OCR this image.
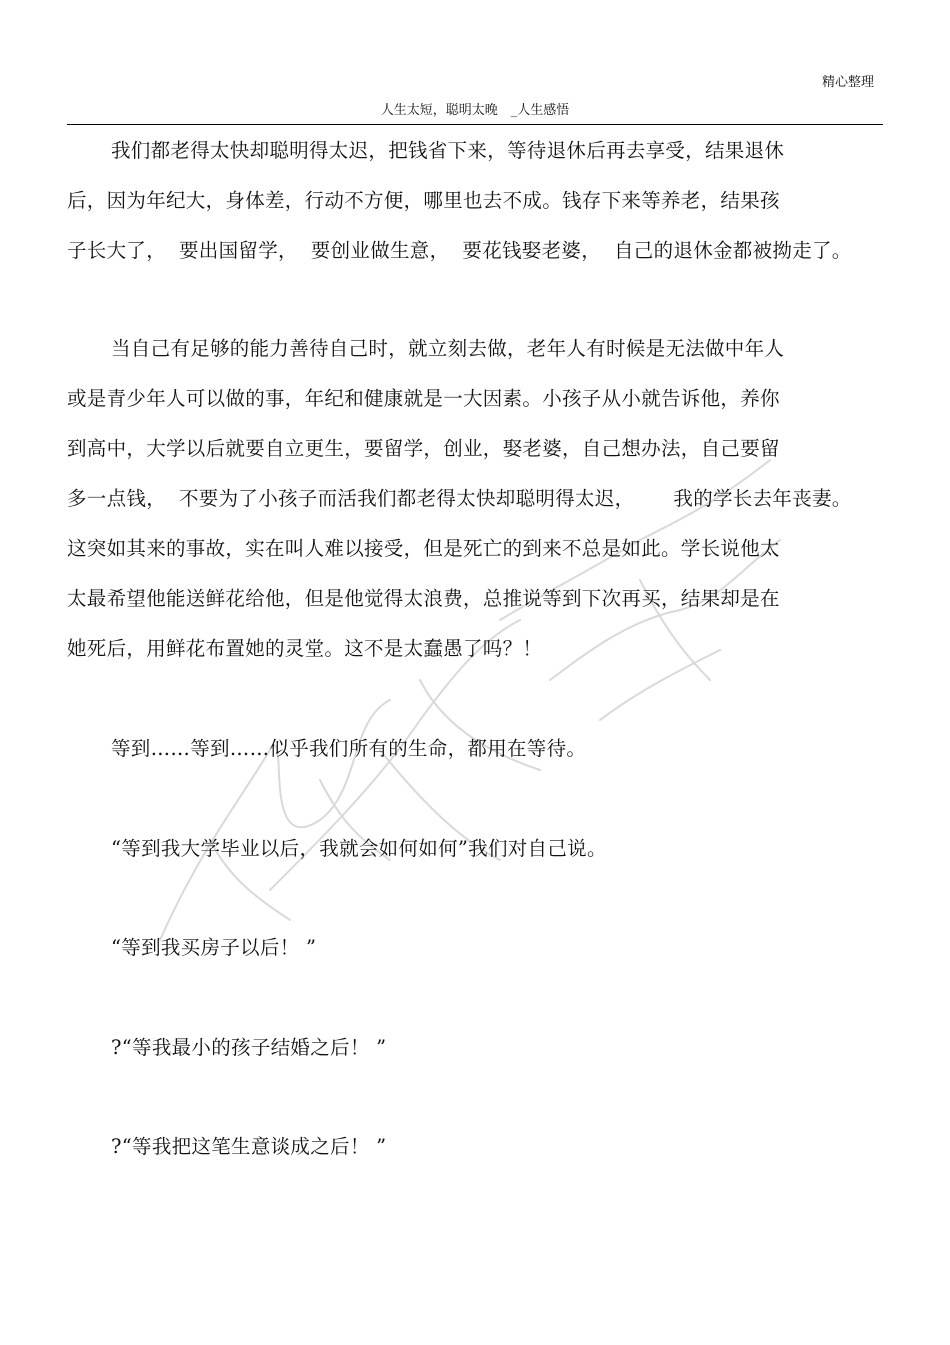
精心整理
人生太短，聪明太晚　_人生感悟
我们都老得太快却聪明得太迟，把钱省下来，等待退休后再去享受，结果退休
后，因为年纪大，身体差，行动不方便，哪里也去不成。钱存下来等养老，结果孩
子长大了，  要出国留学，  要创业做生意，  要花钱娶老婆，  自己的退休金都被拗走了。
当自己有足够的能力善待自己时，就立刻去做，老年人有时候是无法做中年人
或是青少年人可以做的事，年纪和健康就是一大因素。小孩子从小就告诉他，养你
到高中，大学以后就要自立更生，要留学，创业，娶老婆，自己想办法，自己要留
多一点钱，  不要为了小孩子而活我们都老得太快却聪明得太迟，      我的学长去年丧妻。
这突如其来的事故，实在叫人难以接受，但是死亡的到来不总是如此。学长说他太
太最希望他能送鲜花给他，但是他觉得太浪费，总推说等到下次再买，结果却是在
她死后，用鲜花布置她的灵堂。这不是太蠢愚了吗？！
等到……等到……似乎我们所有的生命，都用在等待。
“等到我大学毕业以后，我就会如何如何”我们对自己说。
“等到我买房子以后！ ”
?“等我最小的孩子结婚之后！ ”
?“等我把这笔生意谈成之后！ ”
